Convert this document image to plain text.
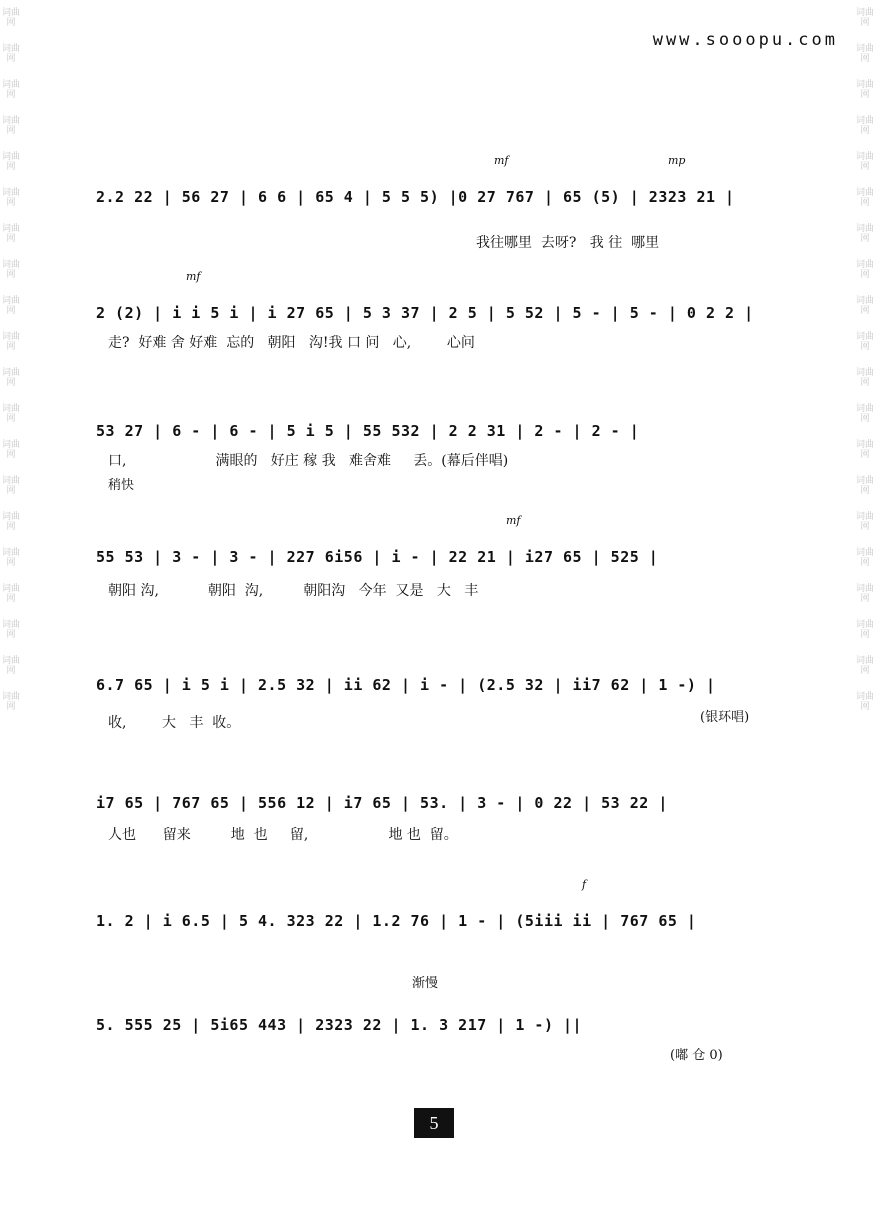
词曲网
词曲网
词曲网
词曲网
词曲网
词曲网
词曲网
词曲网
词曲网
词曲网
词曲网
词曲网
词曲网
词曲网
词曲网
词曲网
词曲网
词曲网
词曲网
词曲网
词曲网
词曲网
词曲网
词曲网
词曲网
词曲网
词曲网
词曲网
词曲网
词曲网
词曲网
词曲网
词曲网
词曲网
词曲网
词曲网
词曲网
词曲网
词曲网
词曲网
www.sooopu.com
mf	mp
2.2 22 | 56 27 | 6 6 | 65 4 | 5 5 5) |0 27 767 | 65 (5) | 2323 21 |
我往哪里  去呀?   我 往  哪里
mf
2 (2) | i i 5 i | i 27 65 | 5 3 37 | 2 5 | 5 52 | 5 - | 5 - | 0 2 2 |
走?  好难 舍 好难  忘的   朝阳   沟!我 口 问   心,        心问
53 27 | 6 - | 6 - | 5 i 5 | 55 532 | 2 2 31 | 2 - | 2 - |
口,                    满眼的   好庄 稼 我   难舍难     丢。(幕后伴唱)
稍快
mf
55 53 | 3 - | 3 - | 227 6i56 | i - | 22 21 | i27 65 | 525 |
朝阳 沟,           朝阳  沟,         朝阳沟   今年  又是   大   丰
6.7 65 | i 5 i | 2.5 32 | ii 62 | i - | (2.5 32 | ii7 62 | 1 -) |
收,        大   丰  收。	(银环唱)
i7 65 | 767 65 | 556 12 | i7 65 | 53. | 3 - | 0 22 | 53 22 |
人也      留来         地  也     留,                  地 也  留。
f
1. 2 | i 6.5 | 5 4. 323 22 | 1.2 76 | 1 - | (5iii ii | 767 65 |
渐慢
5. 555 25 | 5i65 443 | 2323 22 | 1. 3 217 | 1 -) ||
(嘟 仓 0)
5
